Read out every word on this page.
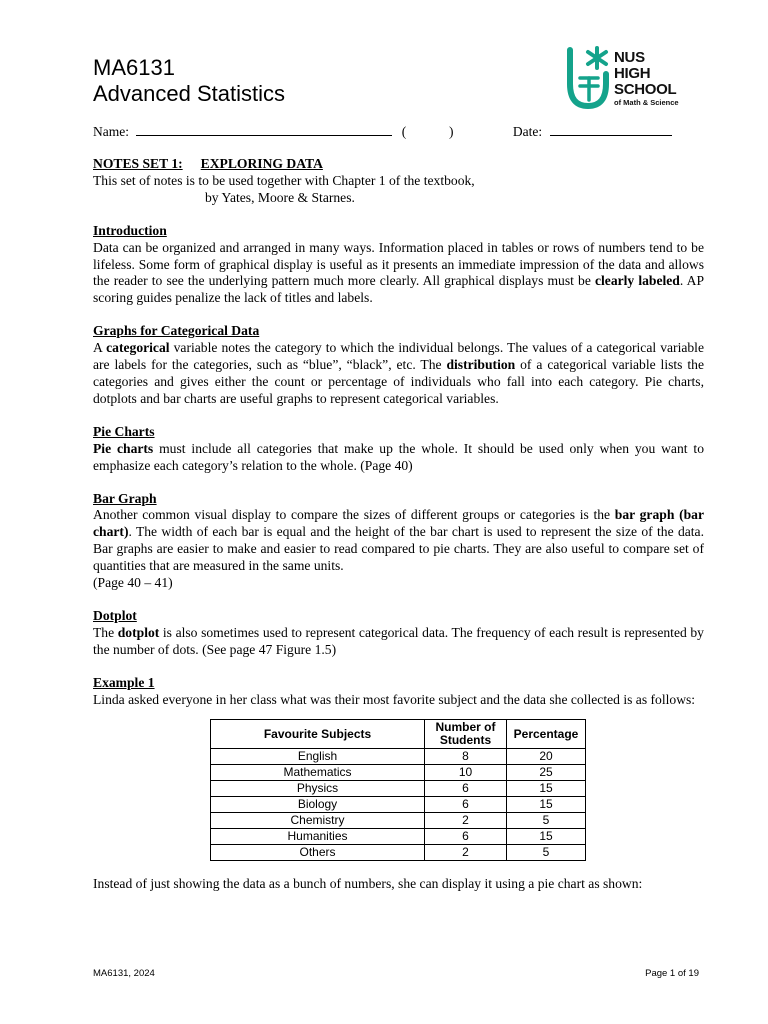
MA6131
Advanced Statistics
NUS
HIGH
SCHOOL
of Math & Science
Name:	(	)	Date:

NOTES SET 1: EXPLORING DATA

This set of notes is to be used together with Chapter 1 of the textbook,

by Yates, Moore & Starnes.

Introduction

Data can be organized and arranged in many ways. Information placed in tables or rows of numbers tend to be lifeless. Some form of graphical display is useful as it presents an immediate impression of the data and allows the reader to see the underlying pattern much more clearly. All graphical displays must be clearly labeled. AP scoring guides penalize the lack of titles and labels.

Graphs for Categorical Data

A categorical variable notes the category to which the individual belongs. The values of a categorical variable are labels for the categories, such as “blue”, “black”, etc. The distribution of a categorical variable lists the categories and gives either the count or percentage of individuals who fall into each category. Pie charts, dotplots and bar charts are useful graphs to represent categorical variables.

Pie Charts

Pie charts must include all categories that make up the whole. It should be used only when you want to emphasize each category’s relation to the whole. (Page 40)

Bar Graph

Another common visual display to compare the sizes of different groups or categories is the bar graph (bar chart). The width of each bar is equal and the height of the bar chart is used to represent the size of the data. Bar graphs are easier to make and easier to read compared to pie charts. They are also useful to compare set of quantities that are measured in the same units.

(Page 40 – 41)

Dotplot

The dotplot is also sometimes used to represent categorical data. The frequency of each result is represented by the number of dots. (See page 47 Figure 1.5)

Example 1

Linda asked everyone in her class what was their most favorite subject and the data she collected is as follows:

Favourite Subjects	Number of Students	Percentage
English	8	20
Mathematics	10	25
Physics	6	15
Biology	6	15
Chemistry	2	5
Humanities	6	15
Others	2	5

Instead of just showing the data as a bunch of numbers, she can display it using a pie chart as shown:

MA6131, 2024	Page 1 of 19
